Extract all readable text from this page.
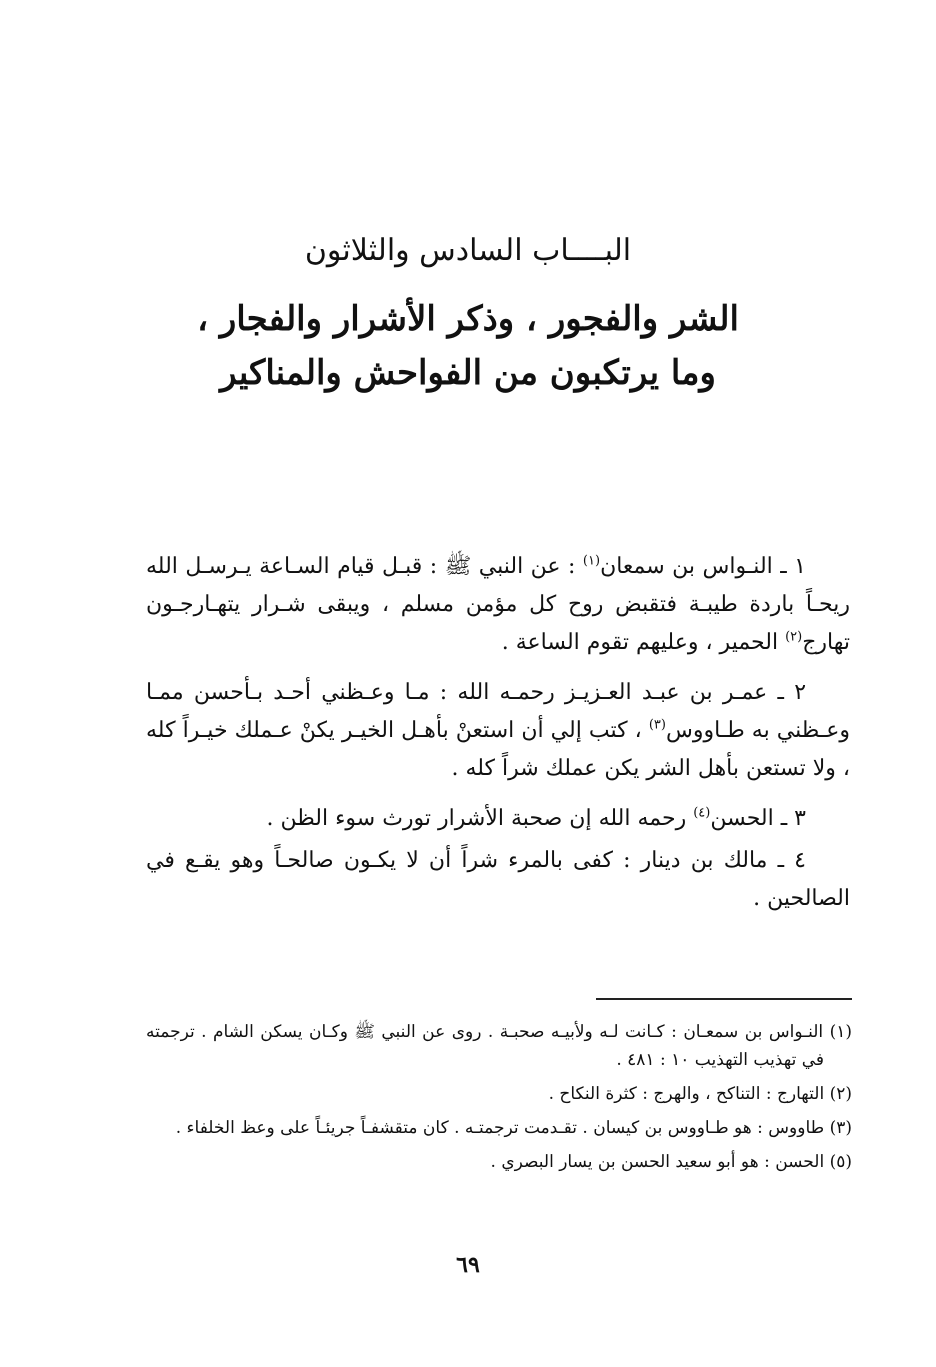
البــــاب السادس والثلاثون
الشر والفجور ، وذكر الأشرار والفجار ،
وما يرتكبون من الفواحش والمناكير

١ ـ النـواس بن سمعان$^{(١)}$ : عن النبي ﷺ : قبـل قيام السـاعة يـرسـل الله ريحـاً باردة طيبـة فتقبض روح كل مؤمن مسلم ، ويبقى شـرار يتهـارجـون تهارج$^{(٢)}$ الحمير ، وعليهم تقوم الساعة .

٢ ـ عمـر بن عبـد العـزيـز رحمـه الله : مـا وعـظني أحـد بـأحسن ممـا وعـظني به طـاووس$^{(٣)}$ ، كتب إلي أن استعنْ بأهـل الخيـر يكنْ عـملك خيـراً كله ، ولا تستعن بأهل الشر يكن عملك شراً كله .

٣ ـ الحسن$^{(٤)}$ رحمه الله إن صحبة الأشرار تورث سوء الظن .

٤ ـ مالك بن دينار : كفى بالمرء شراً أن لا يكـون صالحـاً وهو يقـع في الصالحين .

(١) النـواس بن سمعـان : كـانت لـه ولأبيـه صحبـة . روى عن النبي ﷺ وكـان يسكن الشام . ترجمته في تهذيب التهذيب ١٠ : ٤٨١ .

(٢) التهارج : التناكح ، والهرج : كثرة النكاح .

(٣) طاووس : هو طـاووس بن كيسان . تقـدمت ترجمتـه . كان متقشفـاً جريئـاً على وعظ الخلفاء .

(٥) الحسن : هو أبو سعيد الحسن بن يسار البصري .

٦٩
